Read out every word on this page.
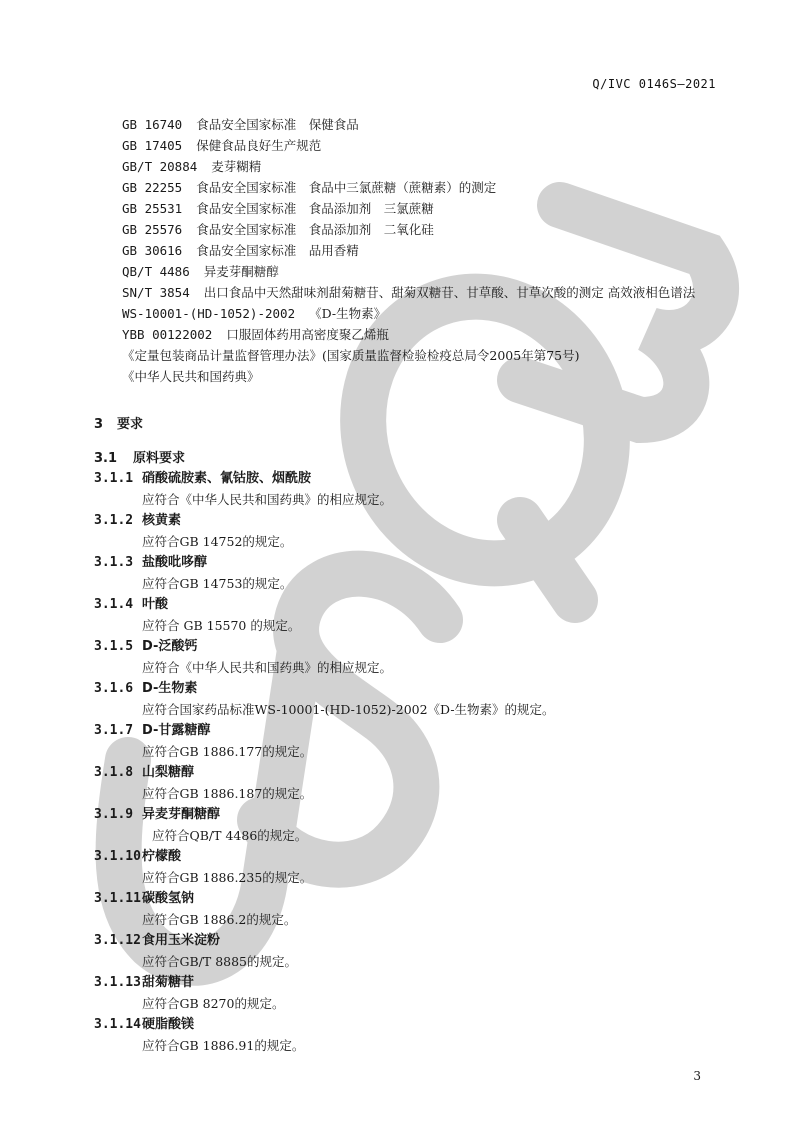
Q/IVC 0146S—2021
GB 16740 食品安全国家标准　保健食品
GB 17405 保健食品良好生产规范
GB/T 20884 麦芽糊精
GB 22255 食品安全国家标准　食品中三氯蔗糖（蔗糖素）的测定
GB 25531 食品安全国家标准　食品添加剂　三氯蔗糖
GB 25576 食品安全国家标准　食品添加剂　二氧化硅
GB 30616 食品安全国家标准　品用香精
QB/T 4486 异麦芽酮糖醇
SN/T 3854 出口食品中天然甜味剂甜菊糖苷、甜菊双糖苷、甘草酸、甘草次酸的测定 高效液相色谱法
WS-10001-(HD-1052)-2002 《D-生物素》
YBB 00122002 口服固体药用高密度聚乙烯瓶
《定量包装商品计量监督管理办法》(国家质量监督检验检疫总局令2005年第75号)
《中华人民共和国药典》
3 要求
3.1 原料要求
3.1.1 硝酸硫胺素、氰钴胺、烟酰胺
应符合《中华人民共和国药典》的相应规定。
3.1.2 核黄素
应符合GB 14752的规定。
3.1.3 盐酸吡哆醇
应符合GB 14753的规定。
3.1.4 叶酸
应符合 GB 15570 的规定。
3.1.5 D-泛酸钙
应符合《中华人民共和国药典》的相应规定。
3.1.6 D-生物素
应符合国家药品标准WS-10001-(HD-1052)-2002《D-生物素》的规定。
3.1.7 D-甘露糖醇
应符合GB 1886.177的规定。
3.1.8 山梨糖醇
应符合GB 1886.187的规定。
3.1.9 异麦芽酮糖醇
应符合QB/T 4486的规定。
3.1.10柠檬酸
应符合GB 1886.235的规定。
3.1.11碳酸氢钠
应符合GB 1886.2的规定。
3.1.12食用玉米淀粉
应符合GB/T 8885的规定。
3.1.13甜菊糖苷
应符合GB 8270的规定。
3.1.14硬脂酸镁
应符合GB 1886.91的规定。
3
